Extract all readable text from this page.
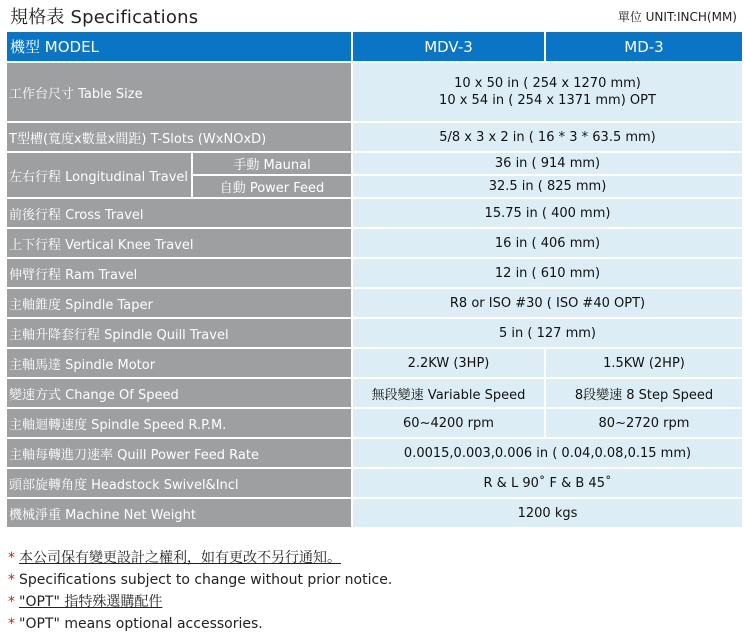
規格表 Specifications	單位 UNIT:INCH(MM)
機型 MODEL		MDV-3	MD-3
工作台尺寸 Table Size		10 x 50 in ( 254 x 1270 mm)
10 x 54 in ( 254 x 1371 mm) OPT	

T型槽(寬度x數量x間距) T-Slots (WxNOxD)		5/8 x 3 x 2 in ( 16 * 3 * 63.5 mm)	
左右行程 Longitudinal Travel	手動 Maunal	36 in ( 914 mm)	
	自動 Power Feed	32.5 in ( 825 mm)	
前後行程 Cross Travel		15.75 in ( 400 mm)	
上下行程 Vertical Knee Travel		16 in ( 406 mm)	
伸臂行程 Ram Travel		12 in ( 610 mm)	
主軸錐度 Spindle Taper		R8 or ISO #30 ( ISO #40 OPT)	
主軸升降套行程 Spindle Quill Travel		5 in ( 127 mm)	
主軸馬達 Spindle Motor		2.2KW (3HP)	1.5KW (2HP)
變速方式 Change Of Speed		無段變速 Variable Speed	8段變速 8 Step Speed
主軸迴轉速度 Spindle Speed R.P.M.		60~4200 rpm	80~2720 rpm
主軸每轉進刀速率 Quill Power Feed Rate		0.0015,0.003,0.006 in ( 0.04,0.08,0.15 mm)	
頭部旋轉角度 Headstock Swivel&Incl		R & L 90˚ F & B 45˚	
機械淨重 Machine Net Weight		1200 kgs	
* 本公司保有變更設計之權利，如有更改不另行通知。
* Specifications subject to change without prior notice.
* "OPT" 指特殊選購配件
* "OPT" means optional accessories.
